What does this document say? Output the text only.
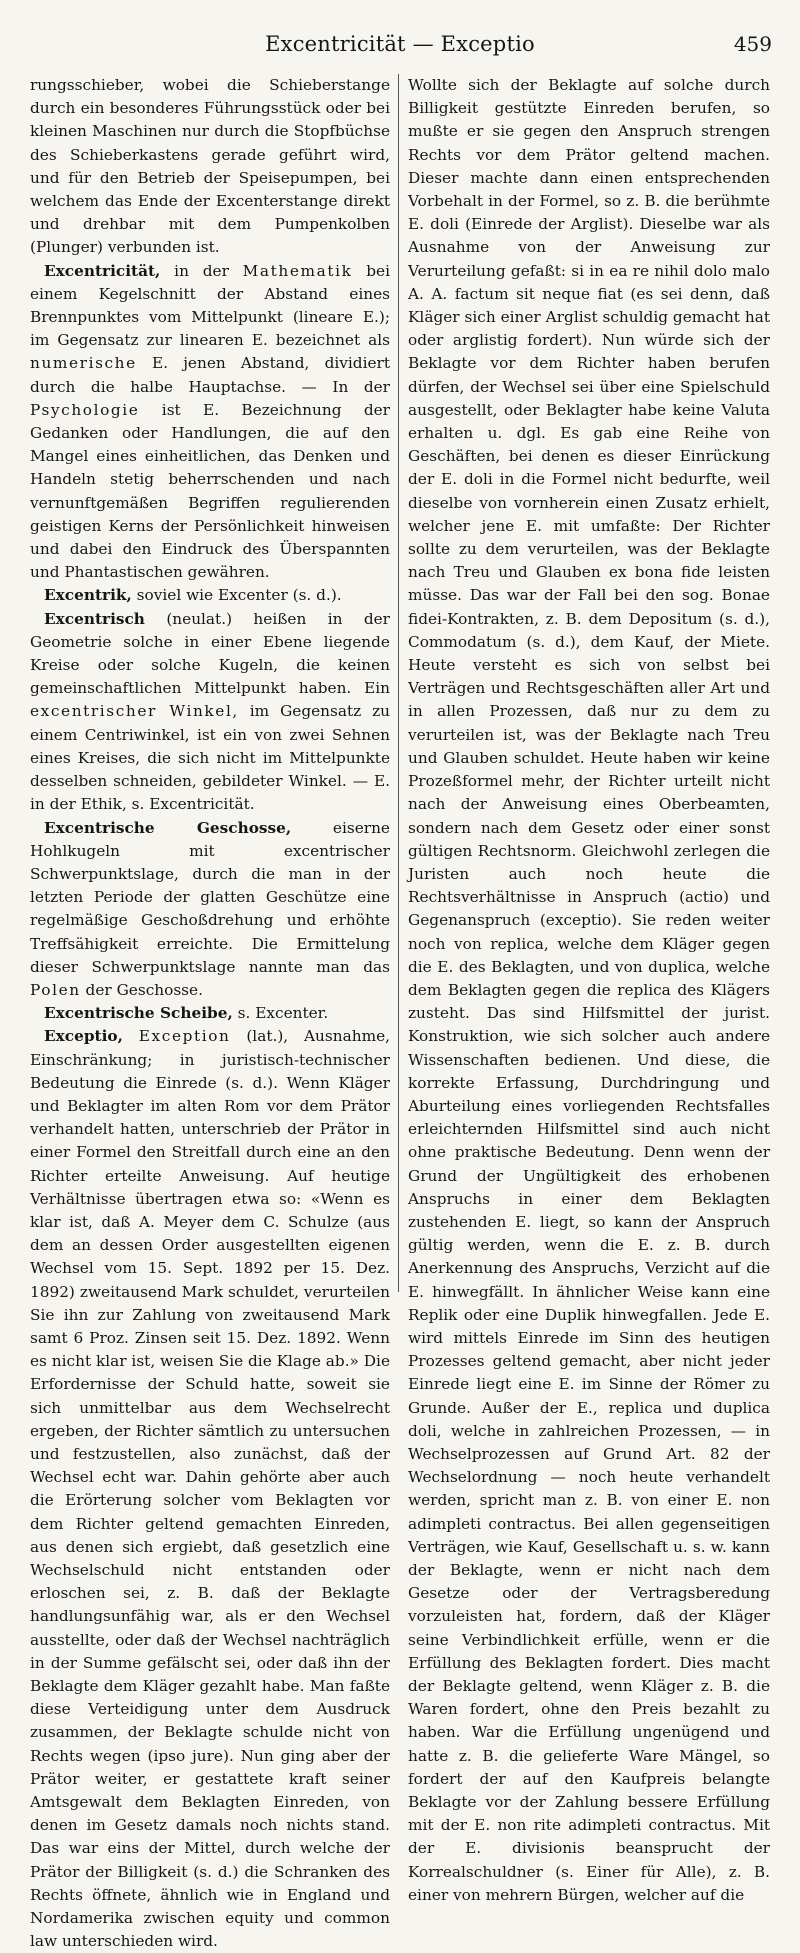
Excentricität — Exceptio	459

rungsschieber, wobei die Schieberstange durch ein besonderes Führungsstück oder bei kleinen Maschinen nur durch die Stopfbüchse des Schieberkastens gerade geführt wird, und für den Betrieb der Speisepumpen, bei welchem das Ende der Excenterstange direkt und drehbar mit dem Pumpenkolben (Plunger) verbunden ist.

Excentricität, in der Mathematik bei einem Kegelschnitt der Abstand eines Brennpunktes vom Mittelpunkt (lineare E.); im Gegensatz zur linearen E. bezeichnet als numerische E. jenen Abstand, dividiert durch die halbe Hauptachse. — In der Psychologie ist E. Bezeichnung der Gedanken oder Handlungen, die auf den Mangel eines einheitlichen, das Denken und Handeln stetig beherrschenden und nach vernunftgemäßen Begriffen regulierenden geistigen Kerns der Persönlichkeit hinweisen und dabei den Eindruck des Überspannten und Phantastischen gewähren.

Excentrik, soviel wie Excenter (s. d.).

Excentrisch (neulat.) heißen in der Geometrie solche in einer Ebene liegende Kreise oder solche Kugeln, die keinen gemeinschaftlichen Mittelpunkt haben. Ein excentrischer Winkel, im Gegensatz zu einem Centriwinkel, ist ein von zwei Sehnen eines Kreises, die sich nicht im Mittelpunkte desselben schneiden, gebildeter Winkel. — E. in der Ethik, s. Excentricität.

Excentrische Geschosse, eiserne Hohlkugeln mit excentrischer Schwerpunktslage, durch die man in der letzten Periode der glatten Geschütze eine regelmäßige Geschoßdrehung und erhöhte Treffsähigkeit erreichte. Die Ermittelung dieser Schwerpunktslage nannte man das Polen der Geschosse.

Excentrische Scheibe, s. Excenter.

Exceptio, Exception (lat.), Ausnahme, Einschränkung; in juristisch-technischer Bedeutung die Einrede (s. d.). Wenn Kläger und Beklagter im alten Rom vor dem Prätor verhandelt hatten, unterschrieb der Prätor in einer Formel den Streitfall durch eine an den Richter erteilte Anweisung. Auf heutige Verhältnisse übertragen etwa so: «Wenn es klar ist, daß A. Meyer dem C. Schulze (aus dem an dessen Order ausgestellten eigenen Wechsel vom 15. Sept. 1892 per 15. Dez. 1892) zweitausend Mark schuldet, verurteilen Sie ihn zur Zahlung von zweitausend Mark samt 6 Proz. Zinsen seit 15. Dez. 1892. Wenn es nicht klar ist, weisen Sie die Klage ab.» Die Erfordernisse der Schuld hatte, soweit sie sich unmittelbar aus dem Wechselrecht ergeben, der Richter sämtlich zu untersuchen und festzustellen, also zunächst, daß der Wechsel echt war. Dahin gehörte aber auch die Erörterung solcher vom Beklagten vor dem Richter geltend gemachten Einreden, aus denen sich ergiebt, daß gesetzlich eine Wechselschuld nicht entstanden oder erloschen sei, z. B. daß der Beklagte handlungsunfähig war, als er den Wechsel ausstellte, oder daß der Wechsel nachträglich in der Summe gefälscht sei, oder daß ihn der Beklagte dem Kläger gezahlt habe. Man faßte diese Verteidigung unter dem Ausdruck zusammen, der Beklagte schulde nicht von Rechts wegen (ipso jure). Nun ging aber der Prätor weiter, er gestattete kraft seiner Amtsgewalt dem Beklagten Einreden, von denen im Gesetz damals noch nichts stand. Das war eins der Mittel, durch welche der Prätor der Billigkeit (s. d.) die Schranken des Rechts öffnete, ähnlich wie in England und Nordamerika zwischen equity und common law unterschieden wird.

Wollte sich der Beklagte auf solche durch Billigkeit gestützte Einreden berufen, so mußte er sie gegen den Anspruch strengen Rechts vor dem Prätor geltend machen. Dieser machte dann einen entsprechenden Vorbehalt in der Formel, so z. B. die berühmte E. doli (Einrede der Arglist). Dieselbe war als Ausnahme von der Anweisung zur Verurteilung gefaßt: si in ea re nihil dolo malo A. A. factum sit neque fiat (es sei denn, daß Kläger sich einer Arglist schuldig gemacht hat oder arglistig fordert). Nun würde sich der Beklagte vor dem Richter haben berufen dürfen, der Wechsel sei über eine Spielschuld ausgestellt, oder Beklagter habe keine Valuta erhalten u. dgl. Es gab eine Reihe von Geschäften, bei denen es dieser Einrückung der E. doli in die Formel nicht bedurfte, weil dieselbe von vornherein einen Zusatz erhielt, welcher jene E. mit umfaßte: Der Richter sollte zu dem verurteilen, was der Beklagte nach Treu und Glauben ex bona fide leisten müsse. Das war der Fall bei den sog. Bonae fidei-Kontrakten, z. B. dem Depositum (s. d.), Commodatum (s. d.), dem Kauf, der Miete. Heute versteht es sich von selbst bei Verträgen und Rechtsgeschäften aller Art und in allen Prozessen, daß nur zu dem zu verurteilen ist, was der Beklagte nach Treu und Glauben schuldet. Heute haben wir keine Prozeßformel mehr, der Richter urteilt nicht nach der Anweisung eines Oberbeamten, sondern nach dem Gesetz oder einer sonst gültigen Rechtsnorm. Gleichwohl zerlegen die Juristen auch noch heute die Rechtsverhältnisse in Anspruch (actio) und Gegenanspruch (exceptio). Sie reden weiter noch von replica, welche dem Kläger gegen die E. des Beklagten, und von duplica, welche dem Beklagten gegen die replica des Klägers zusteht. Das sind Hilfsmittel der jurist. Konstruktion, wie sich solcher auch andere Wissenschaften bedienen. Und diese, die korrekte Erfassung, Durchdringung und Aburteilung eines vorliegenden Rechtsfalles erleichternden Hilfsmittel sind auch nicht ohne praktische Bedeutung. Denn wenn der Grund der Ungültigkeit des erhobenen Anspruchs in einer dem Beklagten zustehenden E. liegt, so kann der Anspruch gültig werden, wenn die E. z. B. durch Anerkennung des Anspruchs, Verzicht auf die E. hinwegfällt. In ähnlicher Weise kann eine Replik oder eine Duplik hinwegfallen. Jede E. wird mittels Einrede im Sinn des heutigen Prozesses geltend gemacht, aber nicht jeder Einrede liegt eine E. im Sinne der Römer zu Grunde. Außer der E., replica und duplica doli, welche in zahlreichen Prozessen, — in Wechselprozessen auf Grund Art. 82 der Wechselordnung — noch heute verhandelt werden, spricht man z. B. von einer E. non adimpleti contractus. Bei allen gegenseitigen Verträgen, wie Kauf, Gesellschaft u. s. w. kann der Beklagte, wenn er nicht nach dem Gesetze oder der Vertragsberedung vorzuleisten hat, fordern, daß der Kläger seine Verbindlichkeit erfülle, wenn er die Erfüllung des Beklagten fordert. Dies macht der Beklagte geltend, wenn Kläger z. B. die Waren fordert, ohne den Preis bezahlt zu haben. War die Erfüllung ungenügend und hatte z. B. die gelieferte Ware Mängel, so fordert der auf den Kaufpreis belangte Beklagte vor der Zahlung bessere Erfüllung mit der E. non rite adimpleti contractus. Mit der E. divisionis beansprucht der Korrealschuldner (s. Einer für Alle), z. B. einer von mehrern Bürgen, welcher auf die
